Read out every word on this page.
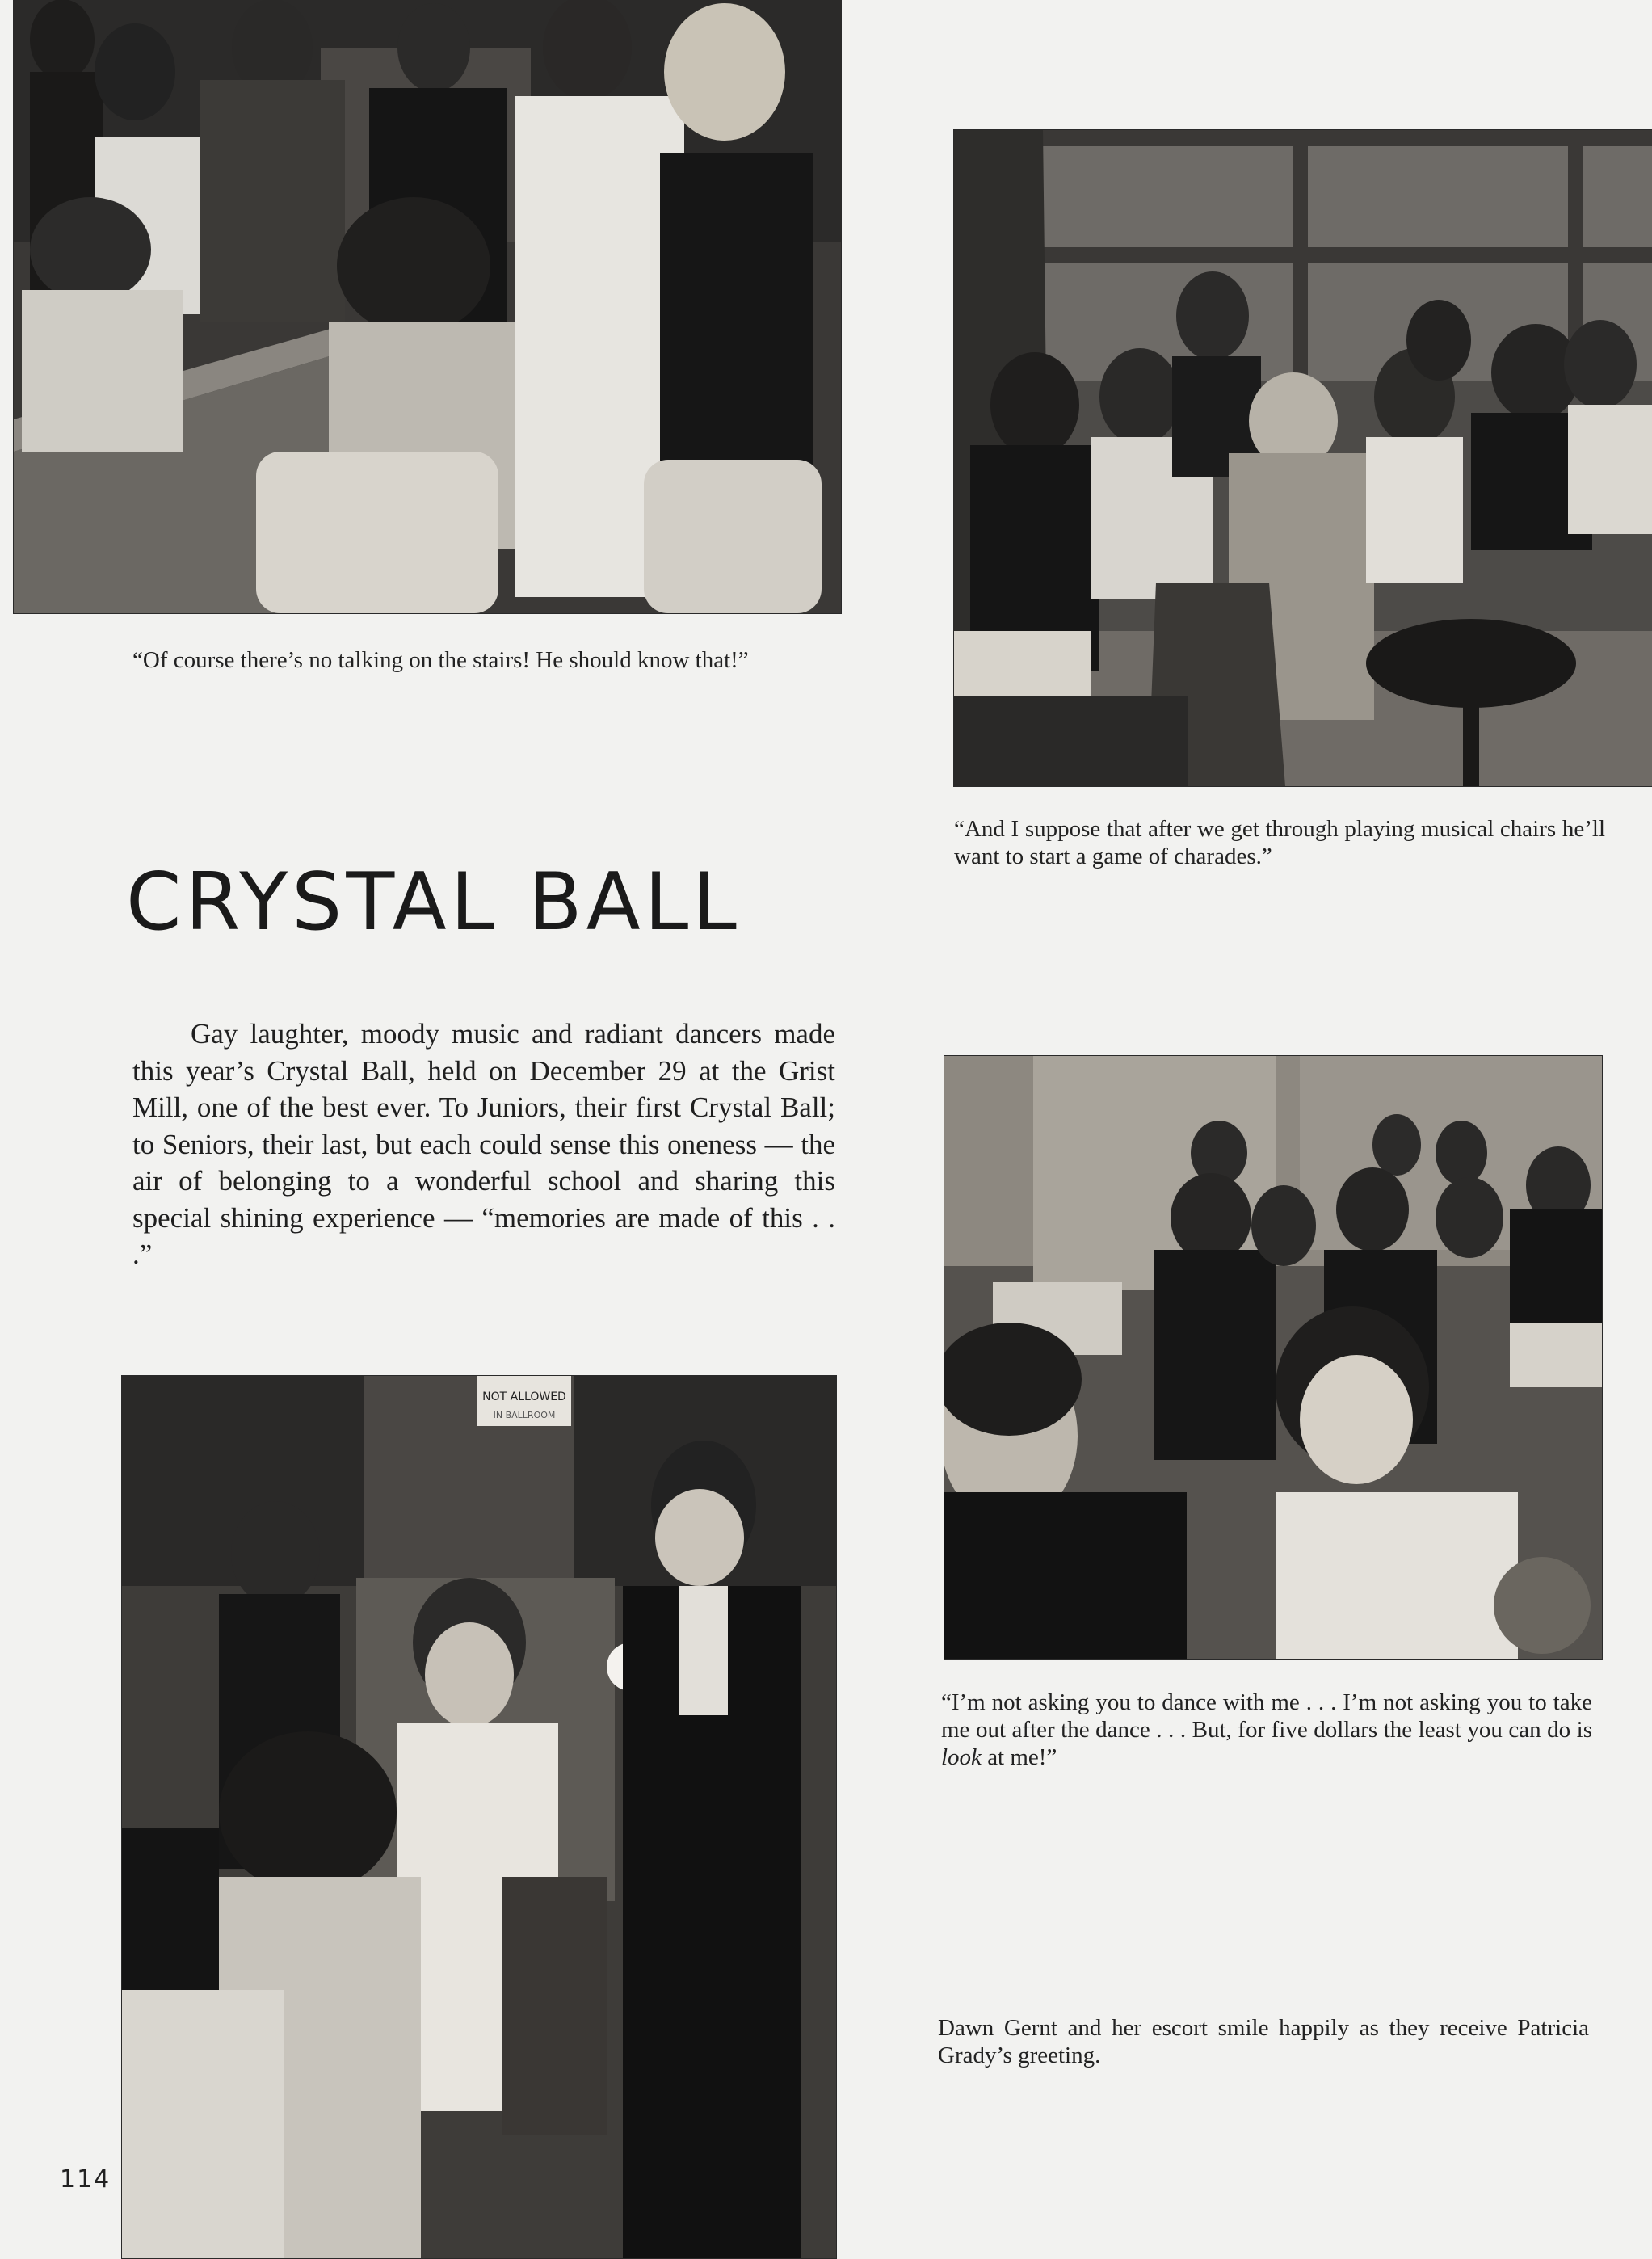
“Of course there’s no talking on the stairs! He should know that!”
“And I suppose that after we get through playing musical chairs he’ll want to start a game of charades.”
CRYSTAL BALL

Gay laughter, moody music and radiant dancers made this year’s Crystal Ball, held on December 29 at the Grist Mill, one of the best ever. To Juniors, their first Crystal Ball; to Seniors, their last, but each could sense this oneness — the air of belonging to a wonderful school and sharing this special shining experience — “memories are made of this . . .”

“I’m not asking you to dance with me . . . I’m not asking you to take me out after the dance . . . But, for five dollars the least you can do is look at me!”
NOT ALLOWED
IN BALLROOM
Dawn Gernt and her escort smile happily as they receive Patricia Grady’s greeting.
114
